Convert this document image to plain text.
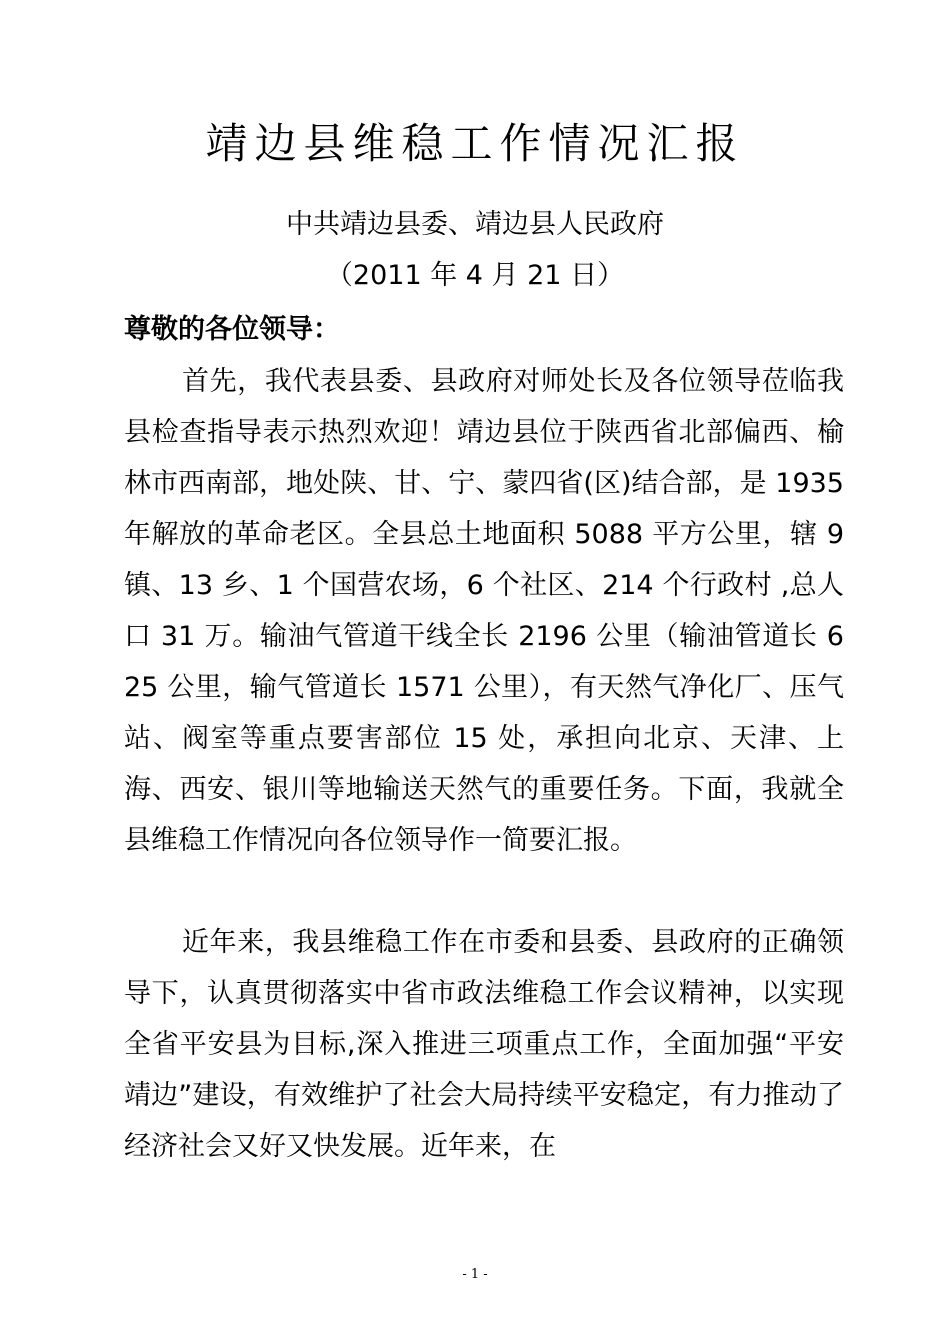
靖边县维稳工作情况汇报
中共靖边县委、靖边县人民政府
（2011 年 4 月 21 日）
尊敬的各位领导：

首先，我代表县委、县政府对师处长及各位领导莅临我县检查指导表示热烈欢迎！靖边县位于陕西省北部偏西、榆林市西南部，地处陕、甘、宁、蒙四省(区)结合部，是 1935 年解放的革命老区。全县总土地面积 5088 平方公里，辖 9 镇、13 乡、1 个国营农场，6 个社区、214 个行政村 ,总人口 31 万。输油气管道干线全长 2196 公里（输油管道长 625 公里，输气管道长 1571 公里），有天然气净化厂、压气站、阀室等重点要害部位 15 处，承担向北京、天津、上海、西安、银川等地输送天然气的重要任务。下面，我就全县维稳工作情况向各位领导作一简要汇报。

近年来，我县维稳工作在市委和县委、县政府的正确领导下，认真贯彻落实中省市政法维稳工作会议精神，以实现全省平安县为目标,深入推进三项重点工作，全面加强“平安靖边”建设，有效维护了社会大局持续平安稳定，有力推动了经济社会又好又快发展。近年来，在

- 1 -
